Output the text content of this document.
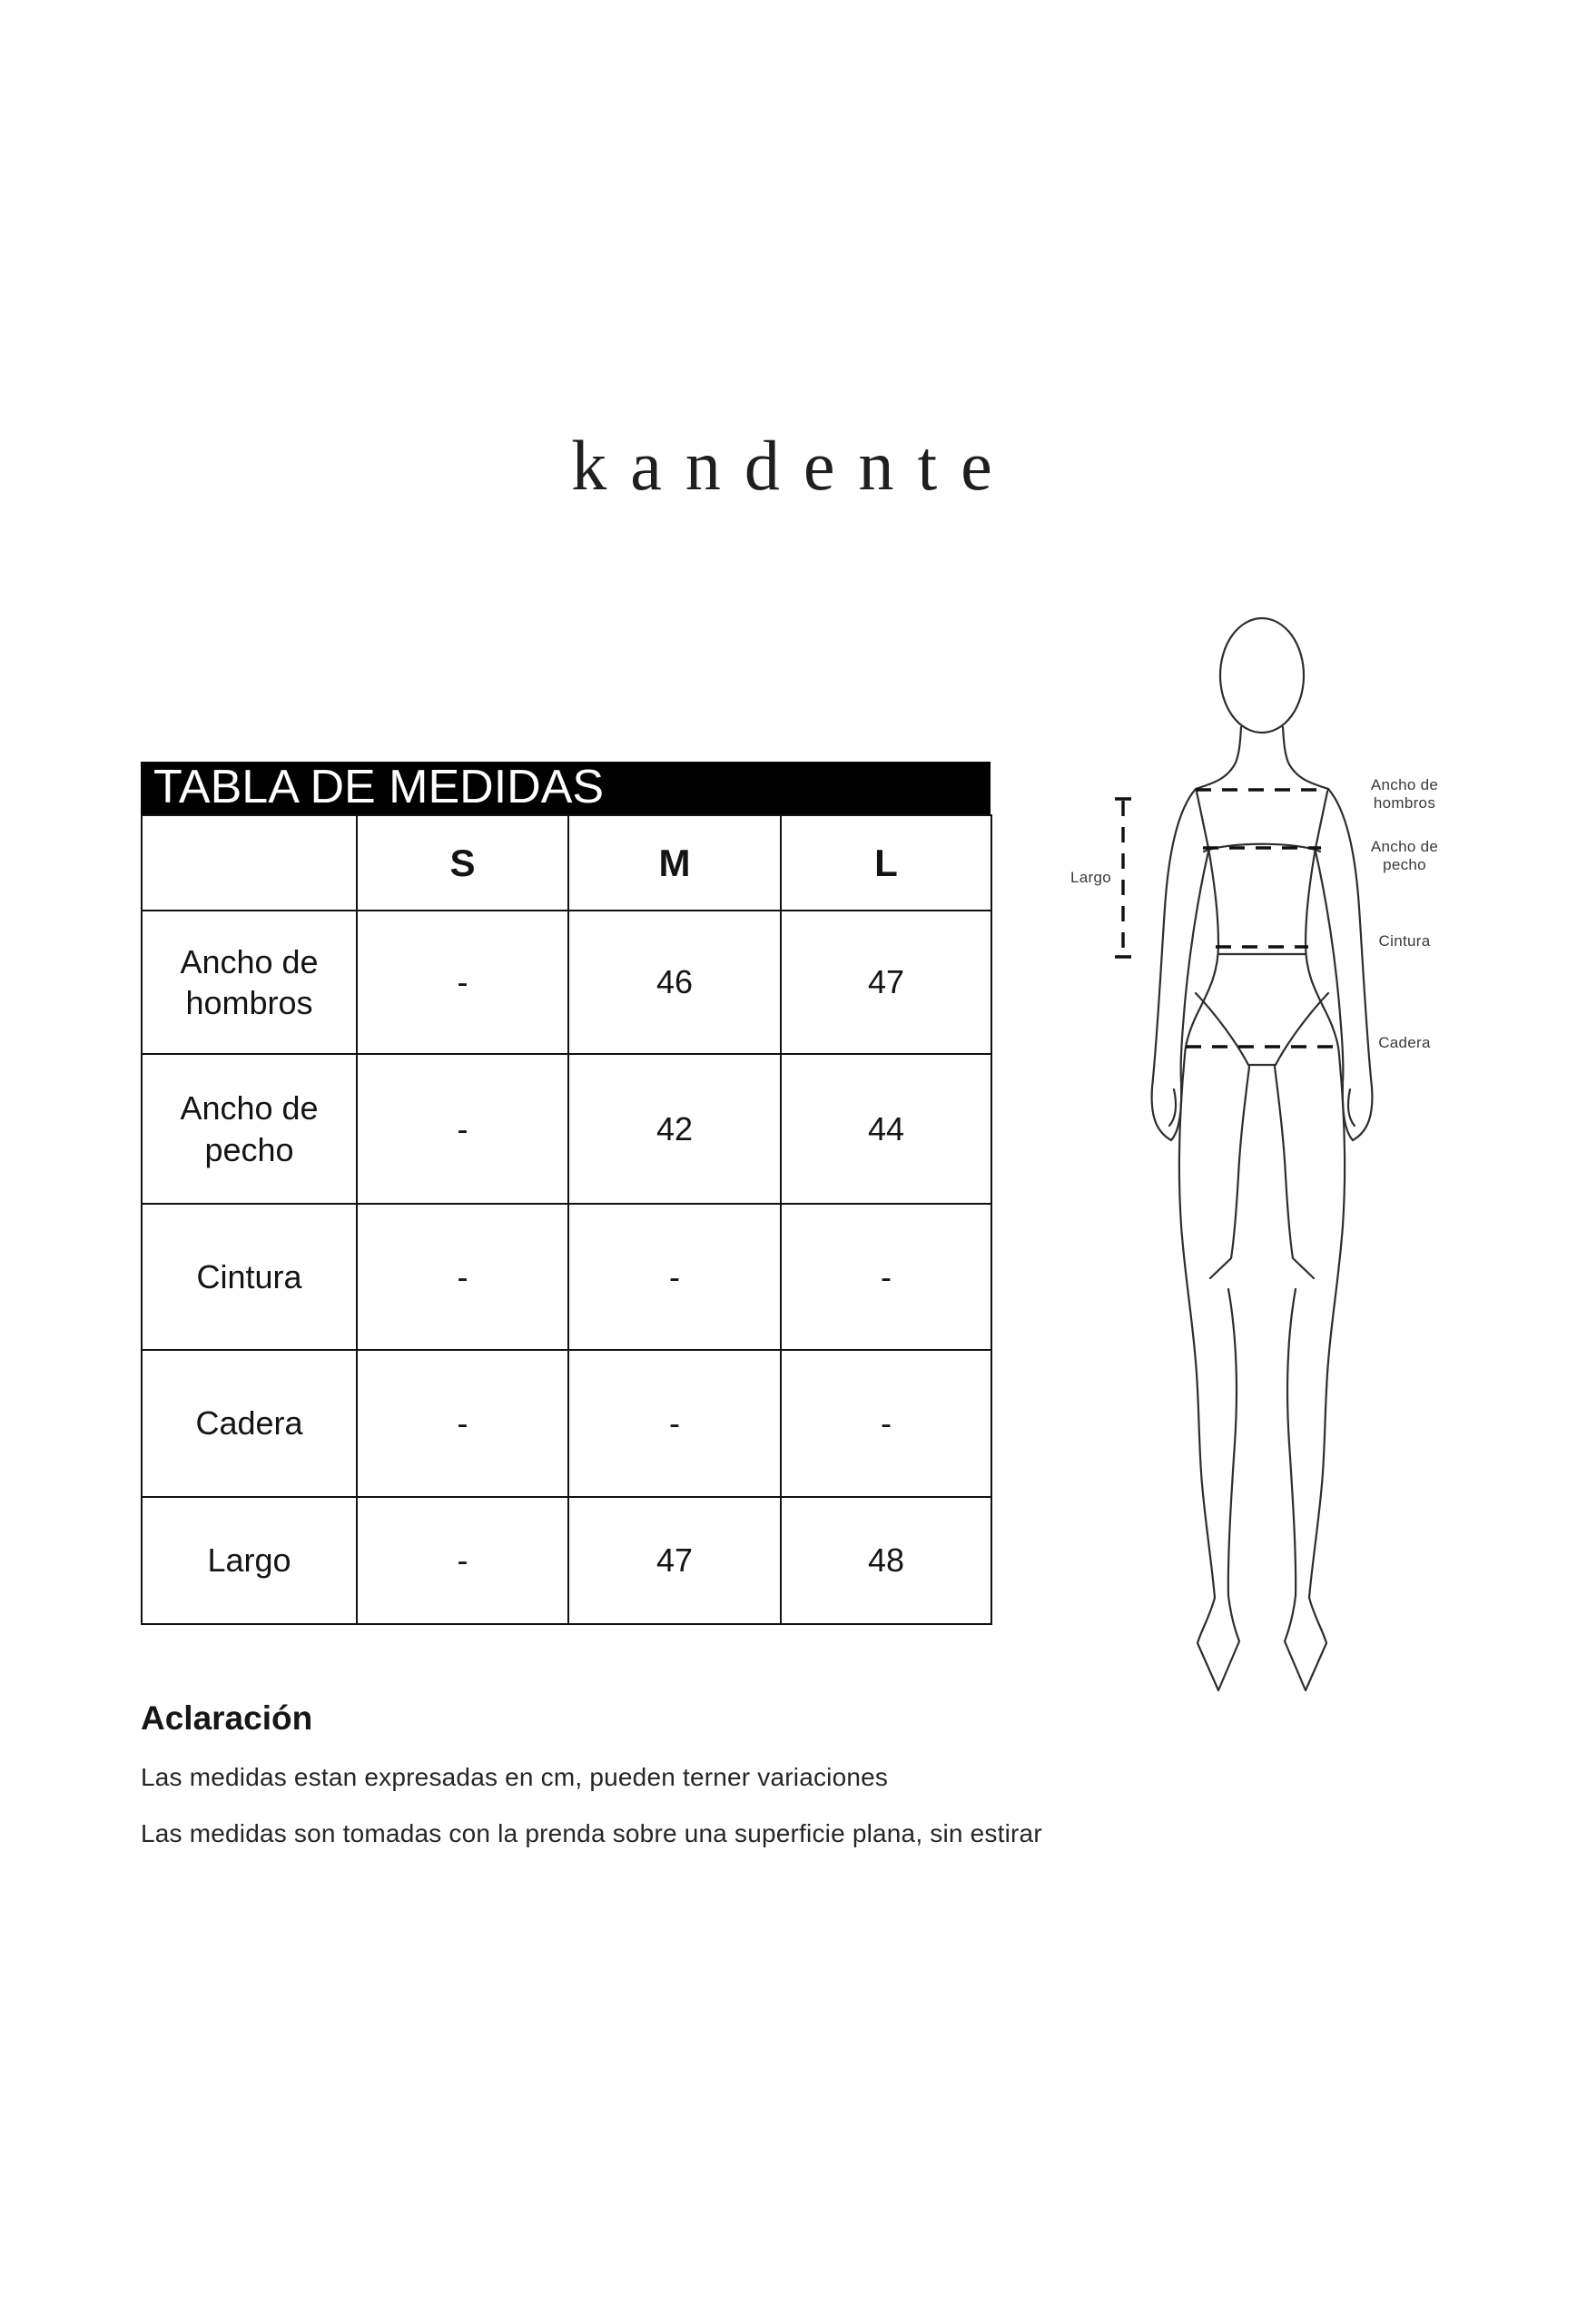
kandente
TABLA DE MEDIDAS
	S	M	L
Ancho de hombros	-	46	47
Ancho de pecho	-	42	44
Cintura	-	-	-
Cadera	-	-	-
Largo	-	47	48
Ancho de
hombros
Ancho de
pecho
Cintura
Cadera
Largo
Aclaración
Las medidas estan expresadas en cm, pueden terner variaciones
Las medidas son tomadas con la prenda sobre una superficie plana, sin estirar
